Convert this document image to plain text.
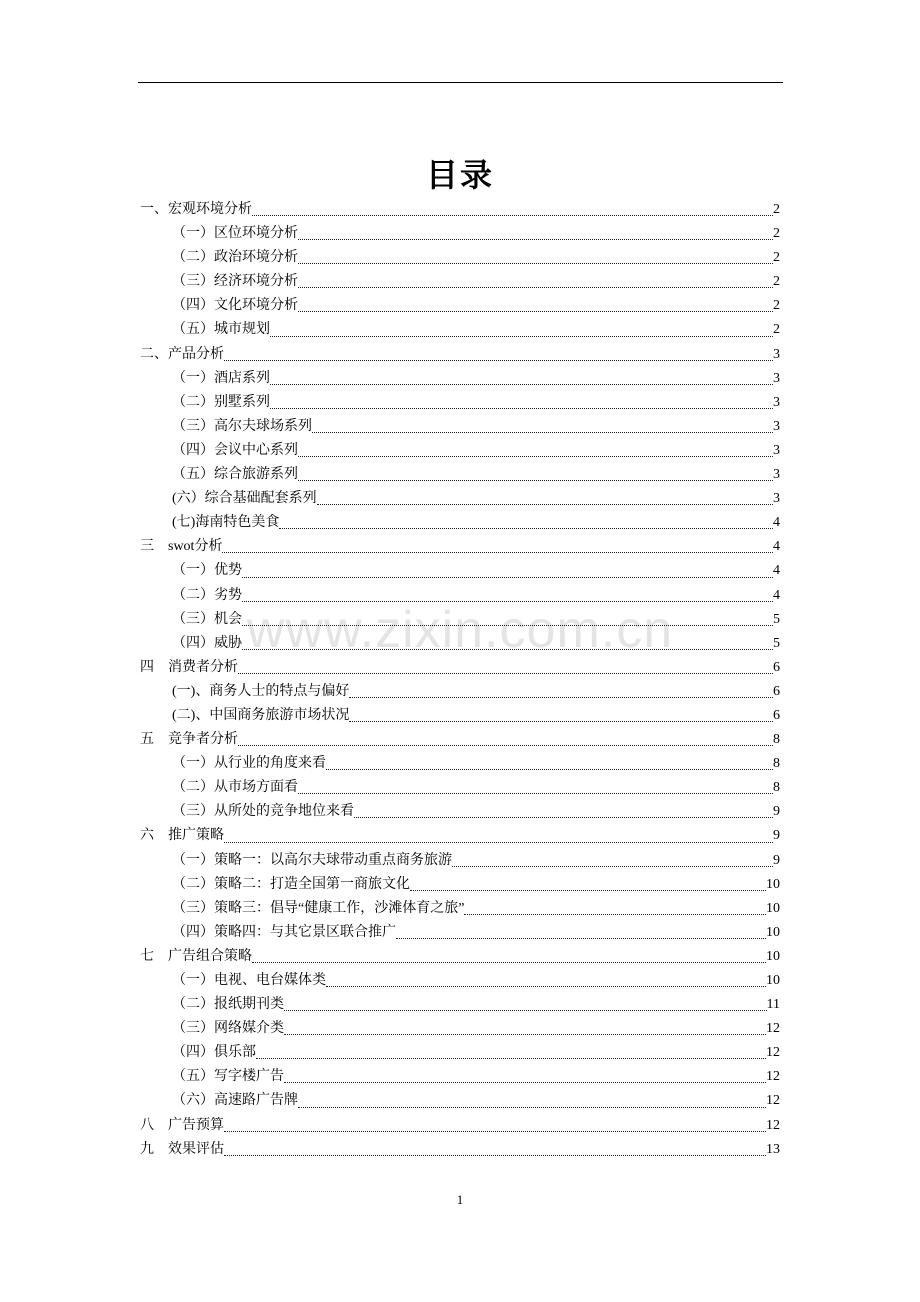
目录
www.zixin.com.cn
一、宏观环境分析	2
（一）区位环境分析	2
（二）政治环境分析	2
（三）经济环境分析	2
（四）文化环境分析	2
（五）城市规划	2
二、产品分析	3
（一）酒店系列	3
（二）别墅系列	3
（三）高尔夫球场系列	3
（四）会议中心系列	3
（五）综合旅游系列	3
(六）综合基础配套系列	3
(七)海南特色美食	4
三　swot分析	4
（一）优势	4
（二）劣势	4
（三）机会	5
（四）威胁	5
四　消费者分析	6
(一)、商务人士的特点与偏好	6
(二)、中国商务旅游市场状况	6
五　竞争者分析	8
（一）从行业的角度来看	8
（二）从市场方面看	8
（三）从所处的竞争地位来看	9
六　推广策略	9
（一）策略一：以高尔夫球带动重点商务旅游	9
（二）策略二：打造全国第一商旅文化	10
（三）策略三：倡导“健康工作，沙滩体育之旅”	10
（四）策略四：与其它景区联合推广	10
七　广告组合策略	10
（一）电视、电台媒体类	10
（二）报纸期刊类	11
（三）网络媒介类	12
（四）俱乐部	12
（五）写字楼广告	12
（六）高速路广告牌	12
八　广告预算	12
九　效果评估	13
1
